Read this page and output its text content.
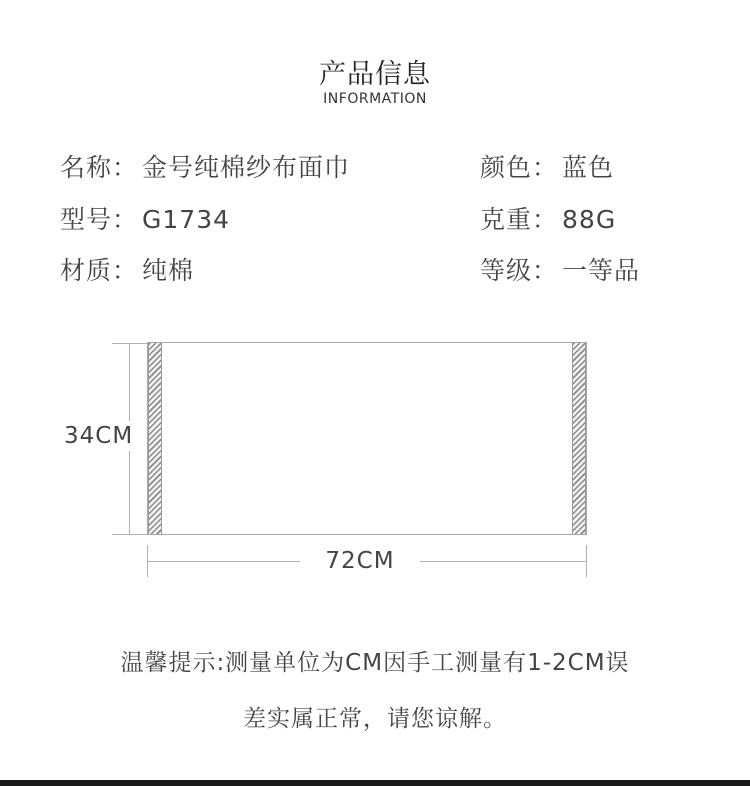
产品信息
INFORMATION
名称： 金号纯棉纱布面巾	颜色： 蓝色
型号： G1734	克重： 88G
材质： 纯棉	等级： 一等品
34CM
72CM
温馨提示:测量单位为CM因手工测量有1-2CM误
差实属正常，请您谅解。
